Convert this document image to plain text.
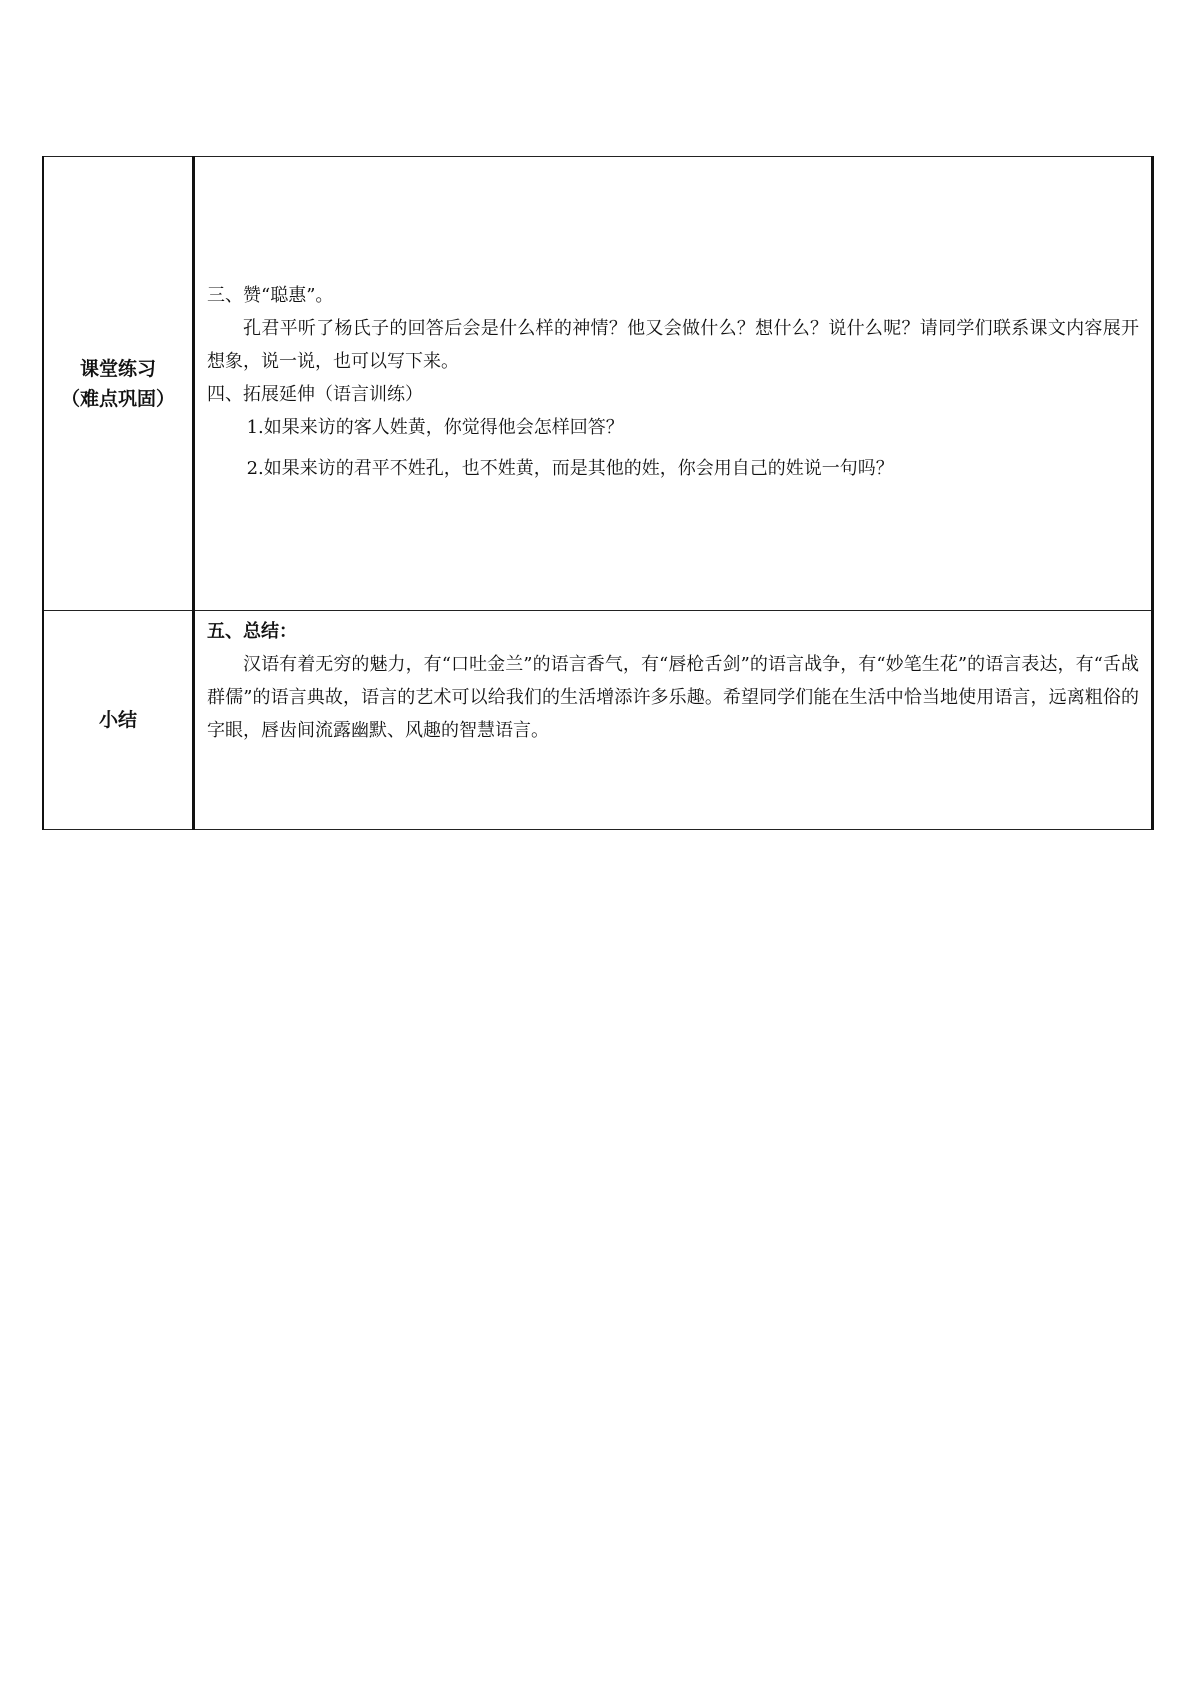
课堂练习
（难点巩固）	三、赞“聪惠”。
孔君平听了杨氏子的回答后会是什么样的神情？他又会做什么？想什么？说什么呢？请同学们联系课文内容展开想象，说一说，也可以写下来。
四、拓展延伸（语言训练）
1.如果来访的客人姓黄，你觉得他会怎样回答？
2.如果来访的君平不姓孔，也不姓黄，而是其他的姓，你会用自己的姓说一句吗？

小结	五、总结：
汉语有着无穷的魅力，有“口吐金兰”的语言香气，有“唇枪舌剑”的语言战争，有“妙笔生花”的语言表达，有“舌战群儒”的语言典故，语言的艺术可以给我们的生活增添许多乐趣。希望同学们能在生活中恰当地使用语言，远离粗俗的字眼，唇齿间流露幽默、风趣的智慧语言。
